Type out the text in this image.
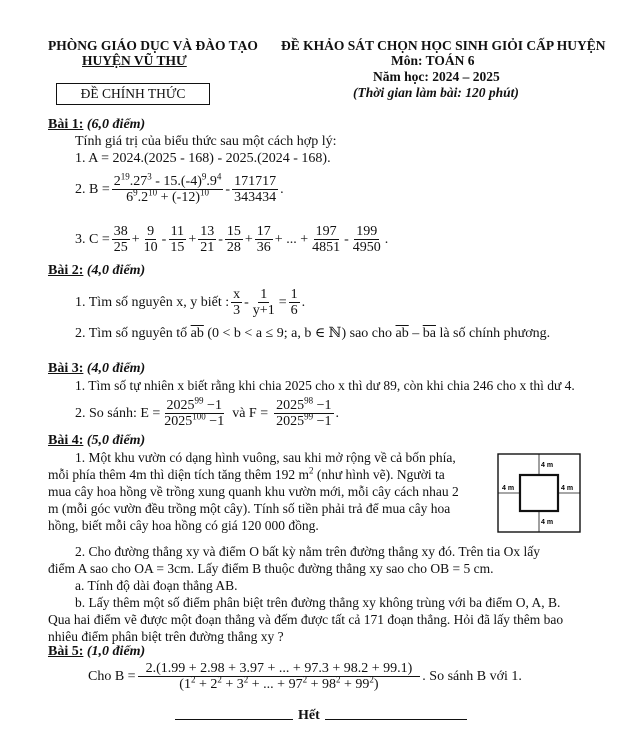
PHÒNG GIÁO DỤC VÀ ĐÀO TẠO
HUYỆN VŨ THƯ
ĐỀ CHÍNH THỨC
ĐỀ KHẢO SÁT CHỌN HỌC SINH GIỎI CẤP HUYỆN
Môn: TOÁN 6
Năm học: 2024 – 2025
(Thời gian làm bài: 120 phút)
Bài 1: (6,0 điểm)
Tính giá trị của biểu thức sau một cách hợp lý:
1. A = 2024.(2025 - 168) - 2025.(2024 - 168).
2. $B = \frac{2^{19}.27^3 - 15.(-4)^9.9^4}{6^9.2^{10} + (-12)^{10}} - \frac{171717}{343434}$ .
3. $C = \frac{38}{25} + \frac{9}{10} - \frac{11}{15} + \frac{13}{21} - \frac{15}{28} + \frac{17}{36}$ + ... + $\frac{197}{4851} - \frac{199}{4950}$ .
Bài 2: (4,0 điểm)
1. Tìm số nguyên x, y biết : $\frac{x}{3} - \frac{1}{y+1} = \frac{1}{6}$ .
2. Tìm số nguyên tố $\overline{ab}$ (0 < b < a ≤ 9; a, b ∈ ℕ) sao cho $\overline{ab} - \overline{ba}$ là số chính phương.
Bài 3: (4,0 điểm)
1. Tìm số tự nhiên x biết rằng khi chia 2025 cho x thì dư 89, còn khi chia 246 cho x thì dư 4.
2. So sánh: $E = \frac{2025^{99} -1}{2025^{100} -1}$ và $F = \frac{2025^{98} -1}{2025^{99} -1}$ .
Bài 4: (5,0 điểm)
1. Một khu vườn có dạng hình vuông, sau khi mở rộng về cả bốn phía,
mỗi phía thêm 4m thì diện tích tăng thêm 192 $m^2$ (như hình vẽ). Người ta
mua cây hoa hồng về trồng xung quanh khu vườn mới, mỗi cây cách nhau 2
m (mỗi góc vườn đều trồng một cây). Tính số tiền phải trả để mua cây hoa
hồng, biết mỗi cây hoa hồng có giá 120 000 đồng.
4 m
4 m
4 m	4 m
2. Cho đường thẳng xy và điểm O bất kỳ nằm trên đường thẳng xy đó. Trên tia Ox lấy
điểm A sao cho OA = 3cm. Lấy điểm B thuộc đường thẳng xy sao cho OB = 5 cm.
a. Tính độ dài đoạn thẳng AB.
b. Lấy thêm một số điểm phân biệt trên đường thẳng xy không trùng với ba điểm O, A, B.
Qua hai điểm vẽ được một đoạn thẳng và đếm được tất cả 171 đoạn thẳng. Hỏi đã lấy thêm bao
nhiêu điểm phân biệt trên đường thẳng xy ?
Bài 5: (1,0 điểm)
Cho $B = \frac{2.(1.99 + 2.98 + 3.97 + ... + 97.3 + 98.2 + 99.1)}{(1^2 + 2^2 + 3^2 + ... + 97^2 + 98^2 + 99^2)}$ . So sánh B với 1.
Hết
